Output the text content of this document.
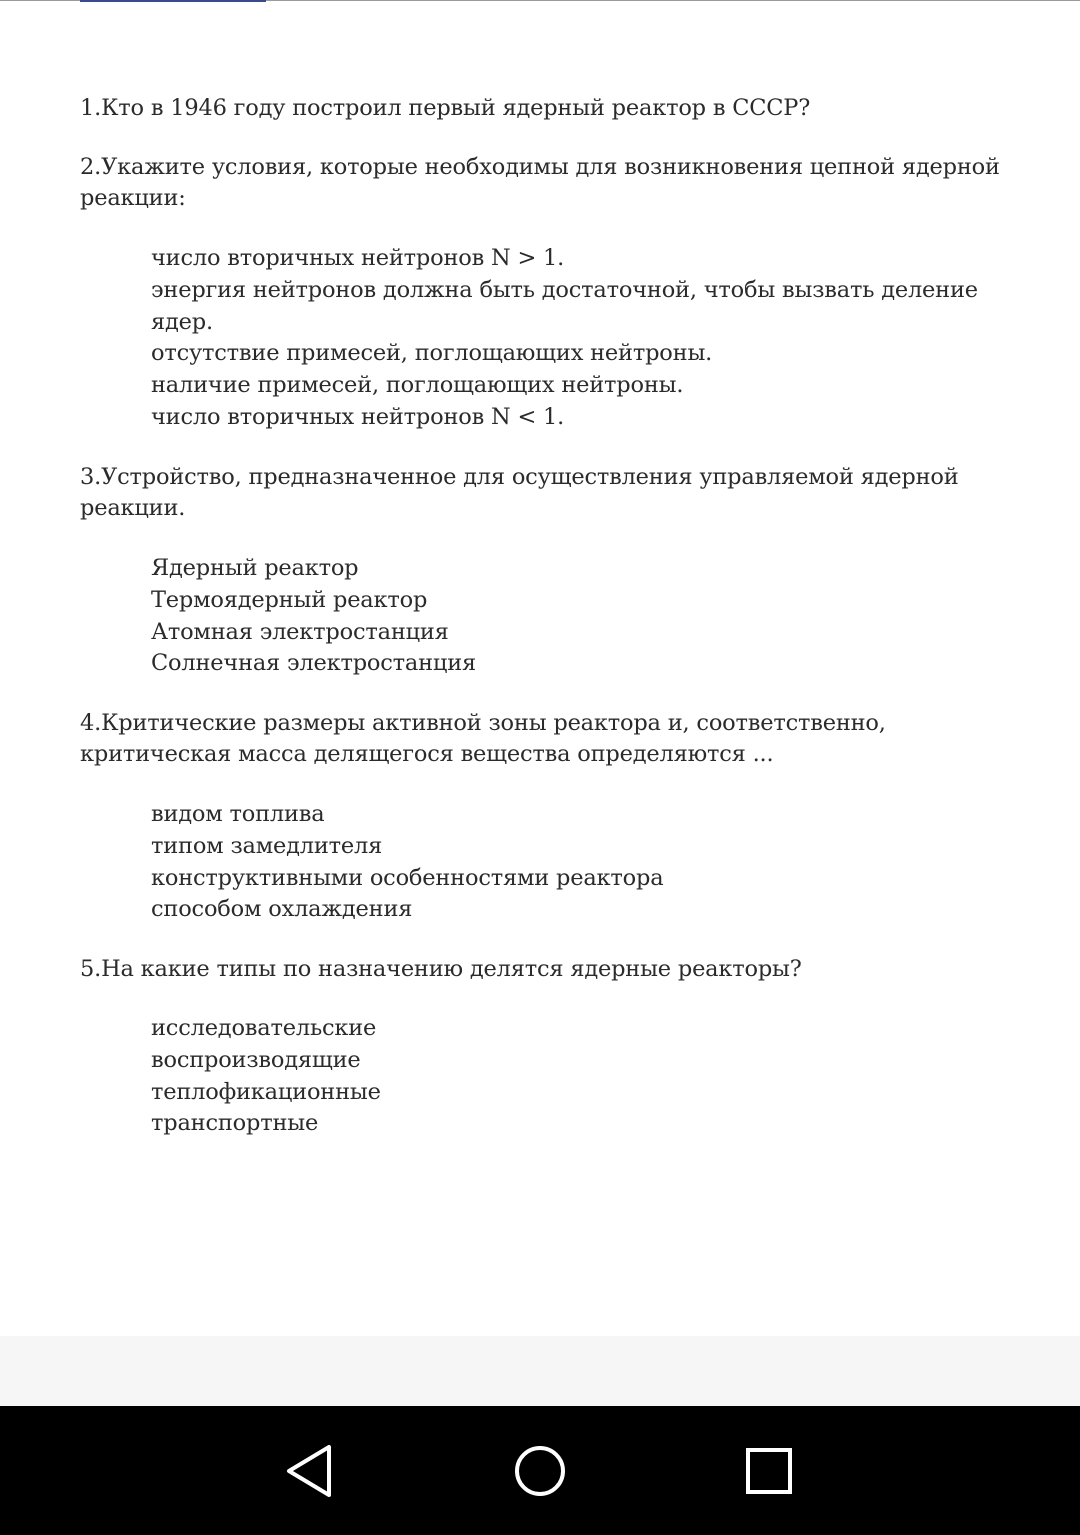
1.Кто в 1946 году построил первый ядерный реактор в СССР?

2.Укажите условия, которые необходимы для возникновения цепной ядерной реакции:

число вторичных нейтронов N > 1.
энергия нейтронов должна быть достаточной, чтобы вызвать деление ядер.
отсутствие примесей, поглощающих нейтроны.
наличие примесей, поглощающих нейтроны.
число вторичных нейтронов N < 1.

3.Устройство, предназначенное для осуществления управляемой ядерной реакции.

Ядерный реактор
Термоядерный реактор
Атомная электростанция
Солнечная электростанция

4.Критические размеры активной зоны реактора и, соответственно, критическая масса делящегося вещества определяются ...

видом топлива
типом замедлителя
конструктивными особенностями реактора
способом охлаждения

5.На какие типы по назначению делятся ядерные реакторы?

исследовательские
воспроизводящие
теплофикационные
транспортные
